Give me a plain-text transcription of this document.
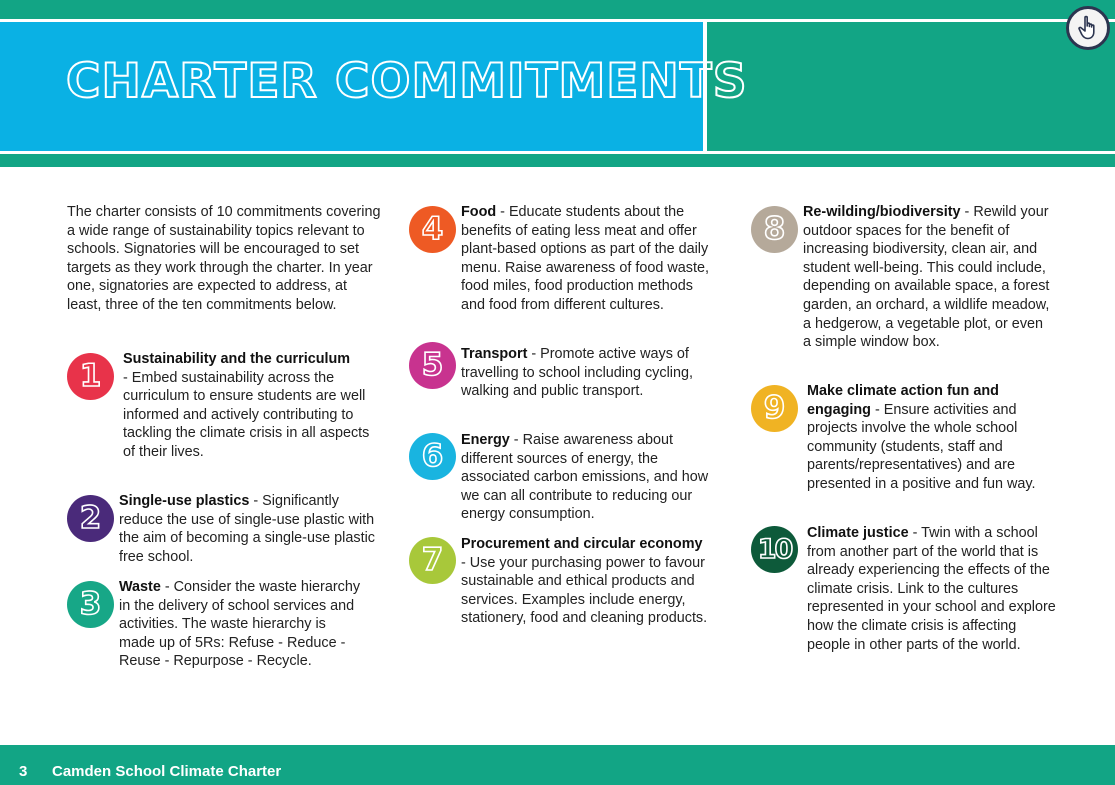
CHARTER COMMITMENTS

The charter consists of 10 commitments covering a wide range of sustainability topics relevant to schools. Signatories will be encouraged to set targets as they work through the charter. In year one, signatories are expected to address, at least, three of the ten commitments below.

1
2
3
4
5
6
7
8
9
10
Sustainability and the curriculum
- Embed sustainability across the curriculum to ensure students are well informed and actively contributing to tackling the climate crisis in all aspects of their lives.
Single-use plastics - Significantly reduce the use of single-use plastic with the aim of becoming a single-use plastic free school.
Waste - Consider the waste hierarchy in the delivery of school services and activities. The waste hierarchy is made up of 5Rs: Refuse - Reduce - Reuse - Repurpose - Recycle.
Food - Educate students about the benefits of eating less meat and offer plant-based options as part of the daily menu. Raise awareness of food waste, food miles, food production methods and food from different cultures.
Transport - Promote active ways of travelling to school including cycling, walking and public transport.
Energy - Raise awareness about different sources of energy, the associated carbon emissions, and how we can all contribute to reducing our energy consumption.
Procurement and circular economy - Use your purchasing power to favour sustainable and ethical products and services. Examples include energy, stationery, food and cleaning products.
Re-wilding/biodiversity - Rewild your outdoor spaces for the benefit of increasing biodiversity, clean air, and student well-being. This could include, depending on available space, a forest garden, an orchard, a wildlife meadow, a hedgerow, a vegetable plot, or even a simple window box.
Make climate action fun and engaging - Ensure activities and projects involve the whole school community (students, staff and parents/representatives) and are presented in a positive and fun way.
Climate justice - Twin with a school from another part of the world that is already experiencing the effects of the climate crisis. Link to the cultures represented in your school and explore how the climate crisis is affecting people in other parts of the world.
3 Camden School Climate Charter
